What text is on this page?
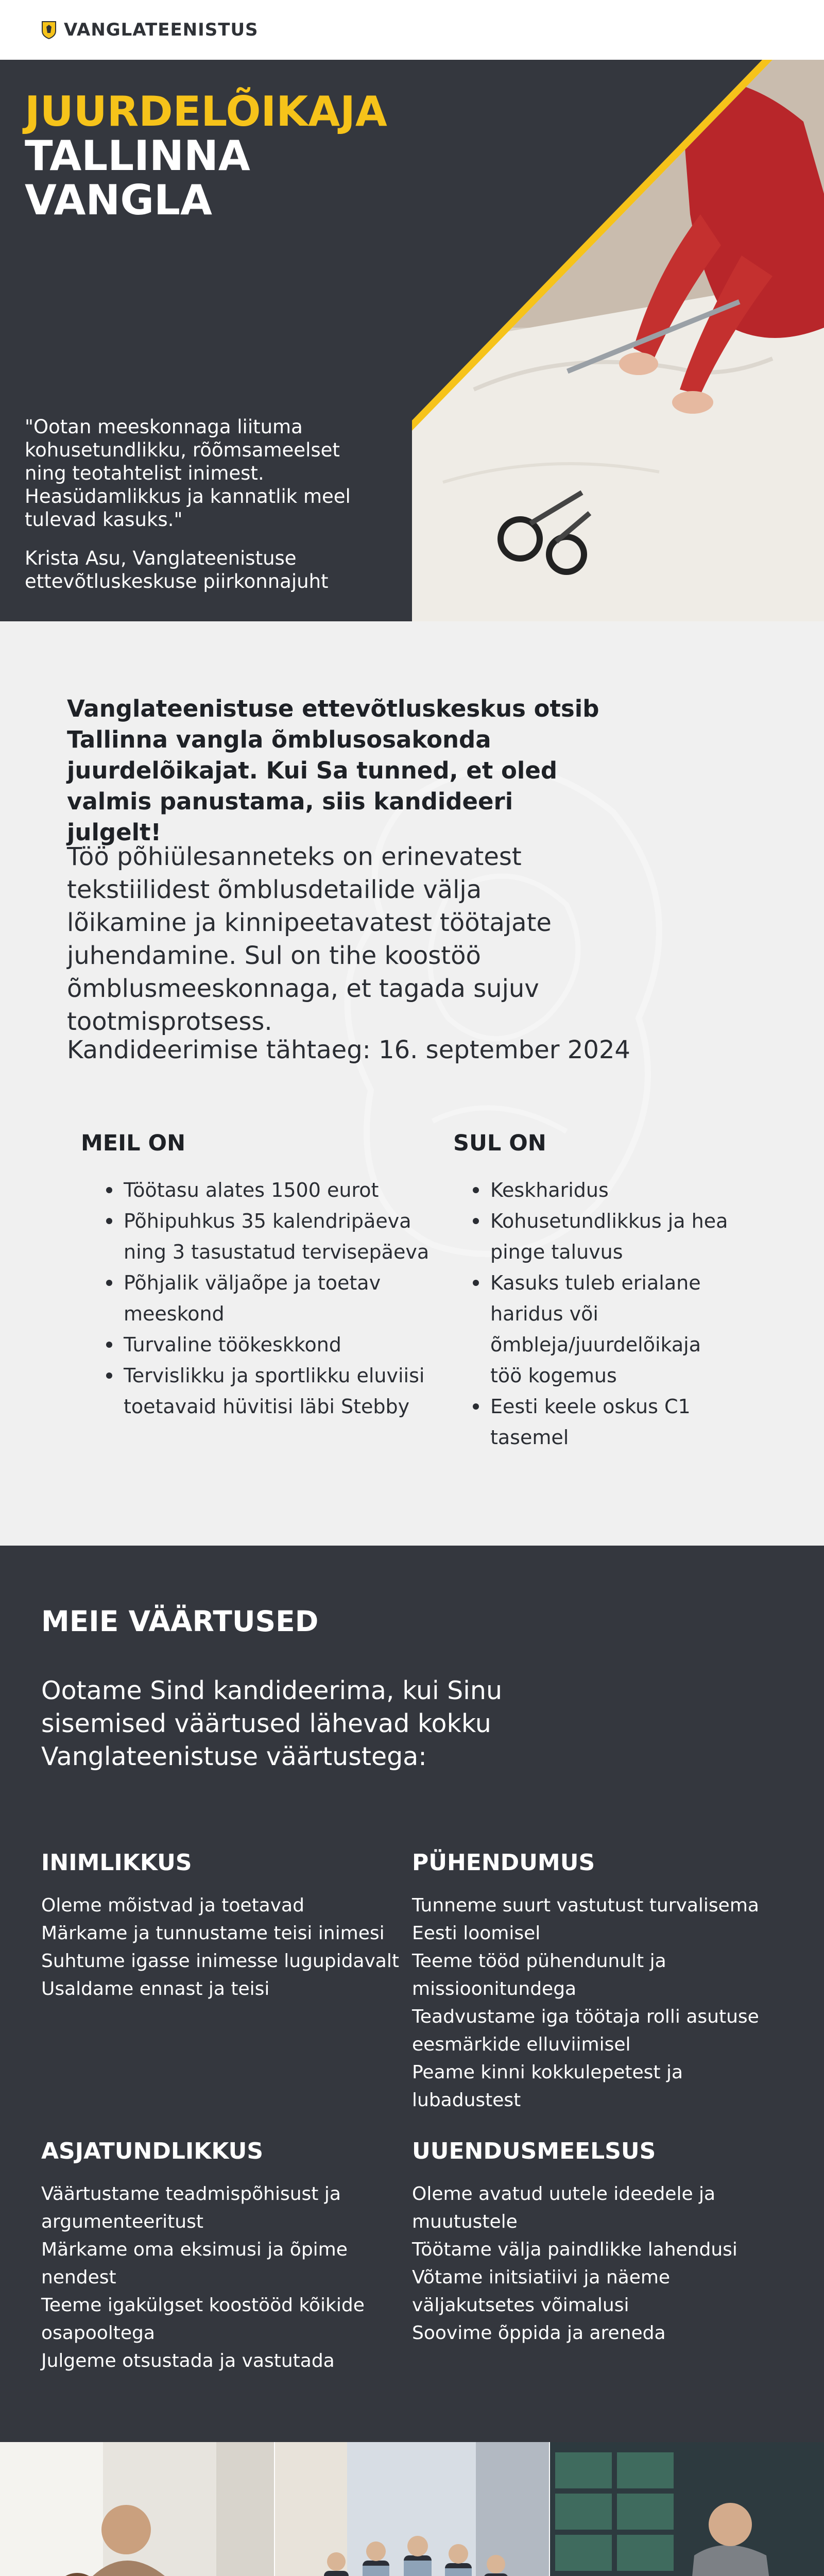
VANGLATEENISTUS
JUURDELÕIKAJA
TALLINNA
VANGLA

"Ootan meeskonnaga liituma kohusetundlikku, rõõmsameelset ning teotahtelist inimest. Heasüdamlikkus ja kannatlik meel tulevad kasuks."

Krista Asu, Vanglateenistuse ettevõtluskeskuse piirkonnajuht

Vanglateenistuse ettevõtluskeskus otsib Tallinna vangla õmblusosakonda juurdelõikajat. Kui Sa tunned, et oled valmis panustama, siis kandideeri julgelt!

Töö põhiülesanneteks on erinevatest tekstiilidest õmblusdetailide välja lõikamine ja kinnipeetavatest töötajate juhendamine. Sul on tihe koostöö õmblusmeeskonnaga, et tagada sujuv tootmisprotsess.

Kandideerimise tähtaeg: 16. september 2024

MEIL ON
Töötasu alates 1500 eurot
Põhipuhkus 35 kalendripäeva ning 3 tasustatud tervisepäeva
Põhjalik väljaõpe ja toetav meeskond
Turvaline töökeskkond
Tervislikku ja sportlikku eluviisi toetavaid hüvitisi läbi Stebby
SUL ON
Keskharidus
Kohusetundlikkus ja hea pinge taluvus
Kasuks tuleb erialane haridus või õmbleja/juurdelõikaja töö kogemus
Eesti keele oskus C1 tasemel
MEIE VÄÄRTUSED

Ootame Sind kandideerima, kui Sinu sisemised väärtused lähevad kokku Vanglateenistuse väärtustega:

INIMLIKKUS
Oleme mõistvad ja toetavad
Märkame ja tunnustame teisi inimesi
Suhtume igasse inimesse lugupidavalt
Usaldame ennast ja teisi
PÜHENDUMUS
Tunneme suurt vastutust turvalisema Eesti loomisel
Teeme tööd pühendunult ja missioonitundega
Teadvustame iga töötaja rolli asutuse eesmärkide elluviimisel
Peame kinni kokkulepetest ja lubadustest
ASJATUNDLIKKUS
Väärtustame teadmispõhisust ja argumenteeritust
Märkame oma eksimusi ja õpime nendest
Teeme igakülgset koostööd kõikide osapooltega
Julgeme otsustada ja vastutada
UUENDUSMEELSUS
Oleme avatud uutele ideedele ja muutustele
Töötame välja paindlikke lahendusi
Võtame initsiatiivi ja näeme väljakutsetes võimalusi
Soovime õppida ja areneda
